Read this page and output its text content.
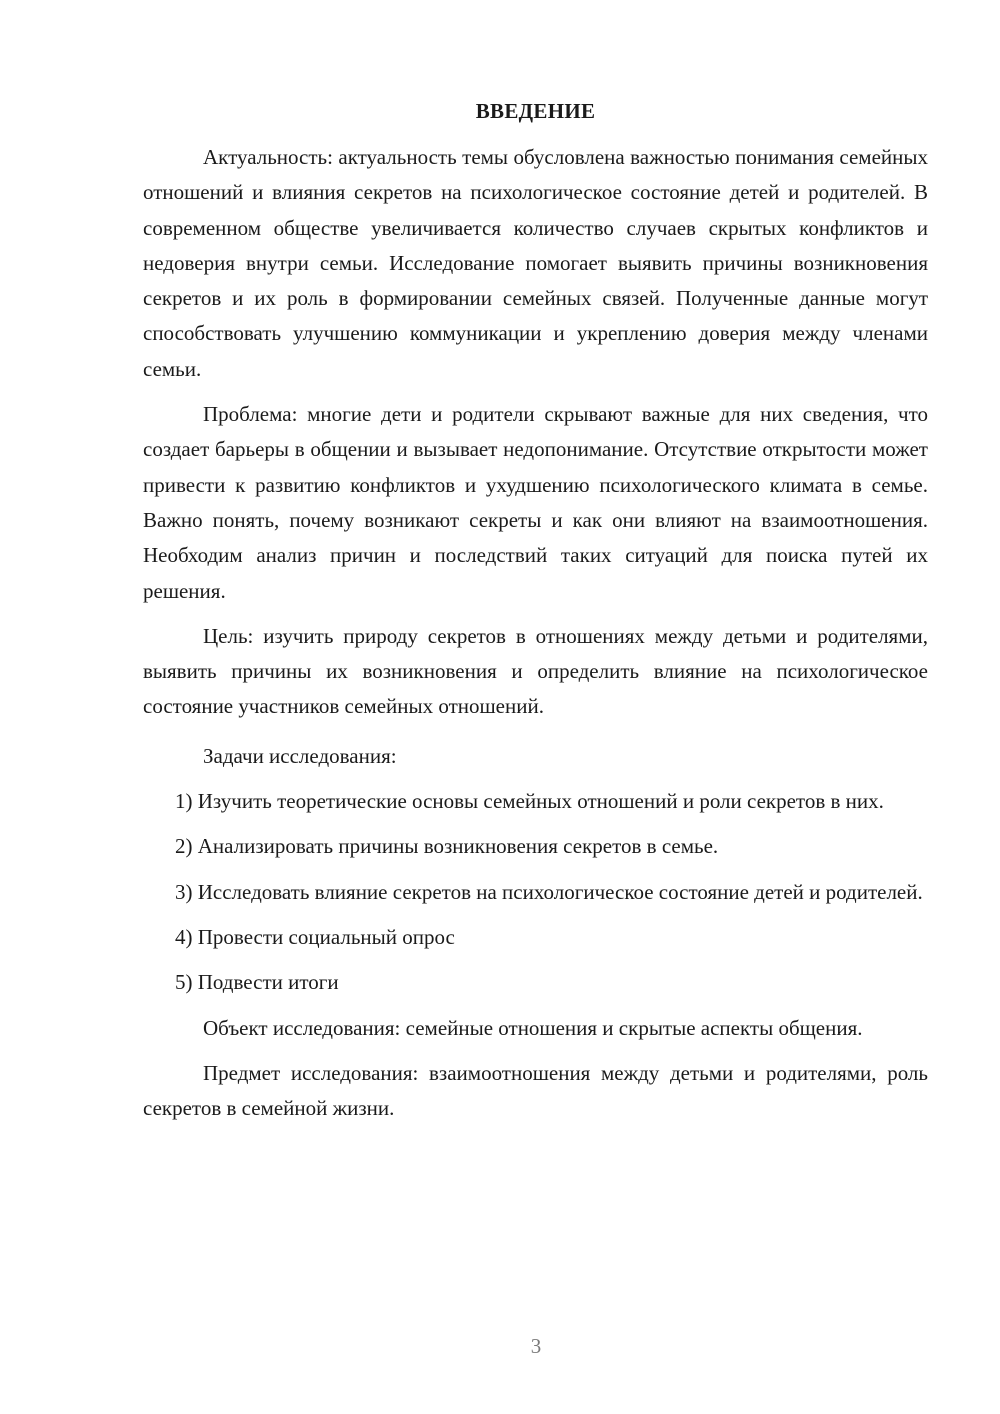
ВВЕДЕНИЕ

Актуальность: актуальность темы обусловлена важностью понимания семейных отношений и влияния секретов на психологическое состояние детей и родителей. В современном обществе увеличивается количество случаев скрытых конфликтов и недоверия внутри семьи. Исследование помогает выявить причины возникновения секретов и их роль в формировании семейных связей. Полученные данные могут способствовать улучшению коммуникации и укреплению доверия между членами семьи.

Проблема: многие дети и родители скрывают важные для них сведения, что создает барьеры в общении и вызывает недопонимание. Отсутствие открытости может привести к развитию конфликтов и ухудшению психологического климата в семье. Важно понять, почему возникают секреты и как они влияют на взаимоотношения. Необходим анализ причин и последствий таких ситуаций для поиска путей их решения.

Цель: изучить природу секретов в отношениях между детьми и родителями, выявить причины их возникновения и определить влияние на психологическое состояние участников семейных отношений.

Задачи исследования:

1) Изучить теоретические основы семейных отношений и роли секретов в них.

2) Анализировать причины возникновения секретов в семье.

3) Исследовать влияние секретов на психологическое состояние детей и родителей.

4) Провести социальный опрос

5) Подвести итоги

Объект исследования: семейные отношения и скрытые аспекты общения.

Предмет исследования: взаимоотношения между детьми и родителями, роль секретов в семейной жизни.

3
